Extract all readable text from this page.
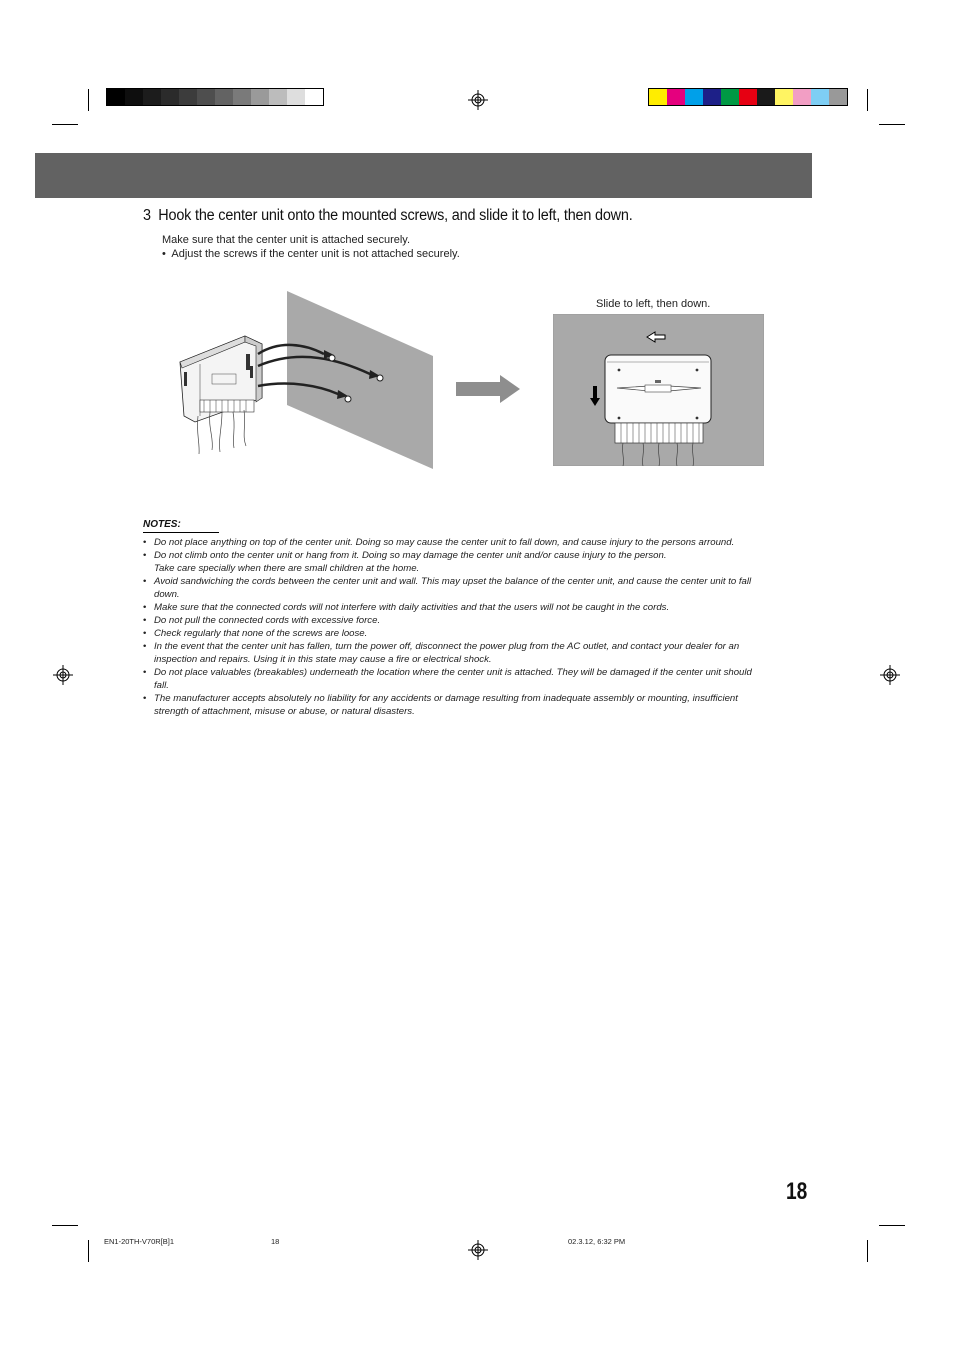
3 Hook the center unit onto the mounted screws, and slide it to left, then down.
Make sure that the center unit is attached securely.
• Adjust the screws if the center unit is not attached securely.
Slide to left, then down.
NOTES:
• Do not place anything on top of the center unit. Doing so may cause the center unit to fall down, and cause injury to the persons arround.
• Do not climb onto the center unit or hang from it. Doing so may damage the center unit and/or cause injury to the person.
Take care specially when there are small children at the home.
• Avoid sandwiching the cords between the center unit and wall. This may upset the balance of the center unit, and cause the center unit to fall
down.
• Make sure that the connected cords will not interfere with daily activities and that the users will not be caught in the cords.
• Do not pull the connected cords with excessive force.
• Check regularly that none of the screws are loose.
• In the event that the center unit has fallen, turn the power off, disconnect the power plug from the AC outlet, and contact your dealer for an
inspection and repairs. Using it in this state may cause a fire or electrical shock.
• Do not place valuables (breakables) underneath the location where the center unit is attached. They will be damaged if the center unit should
fall.
• The manufacturer accepts absolutely no liability for any accidents or damage resulting from inadequate assembly or mounting, insufficient
strength of attachment, misuse or abuse, or natural disasters.
18
EN1-20TH-V70R[B]1	18	02.3.12, 6:32 PM
